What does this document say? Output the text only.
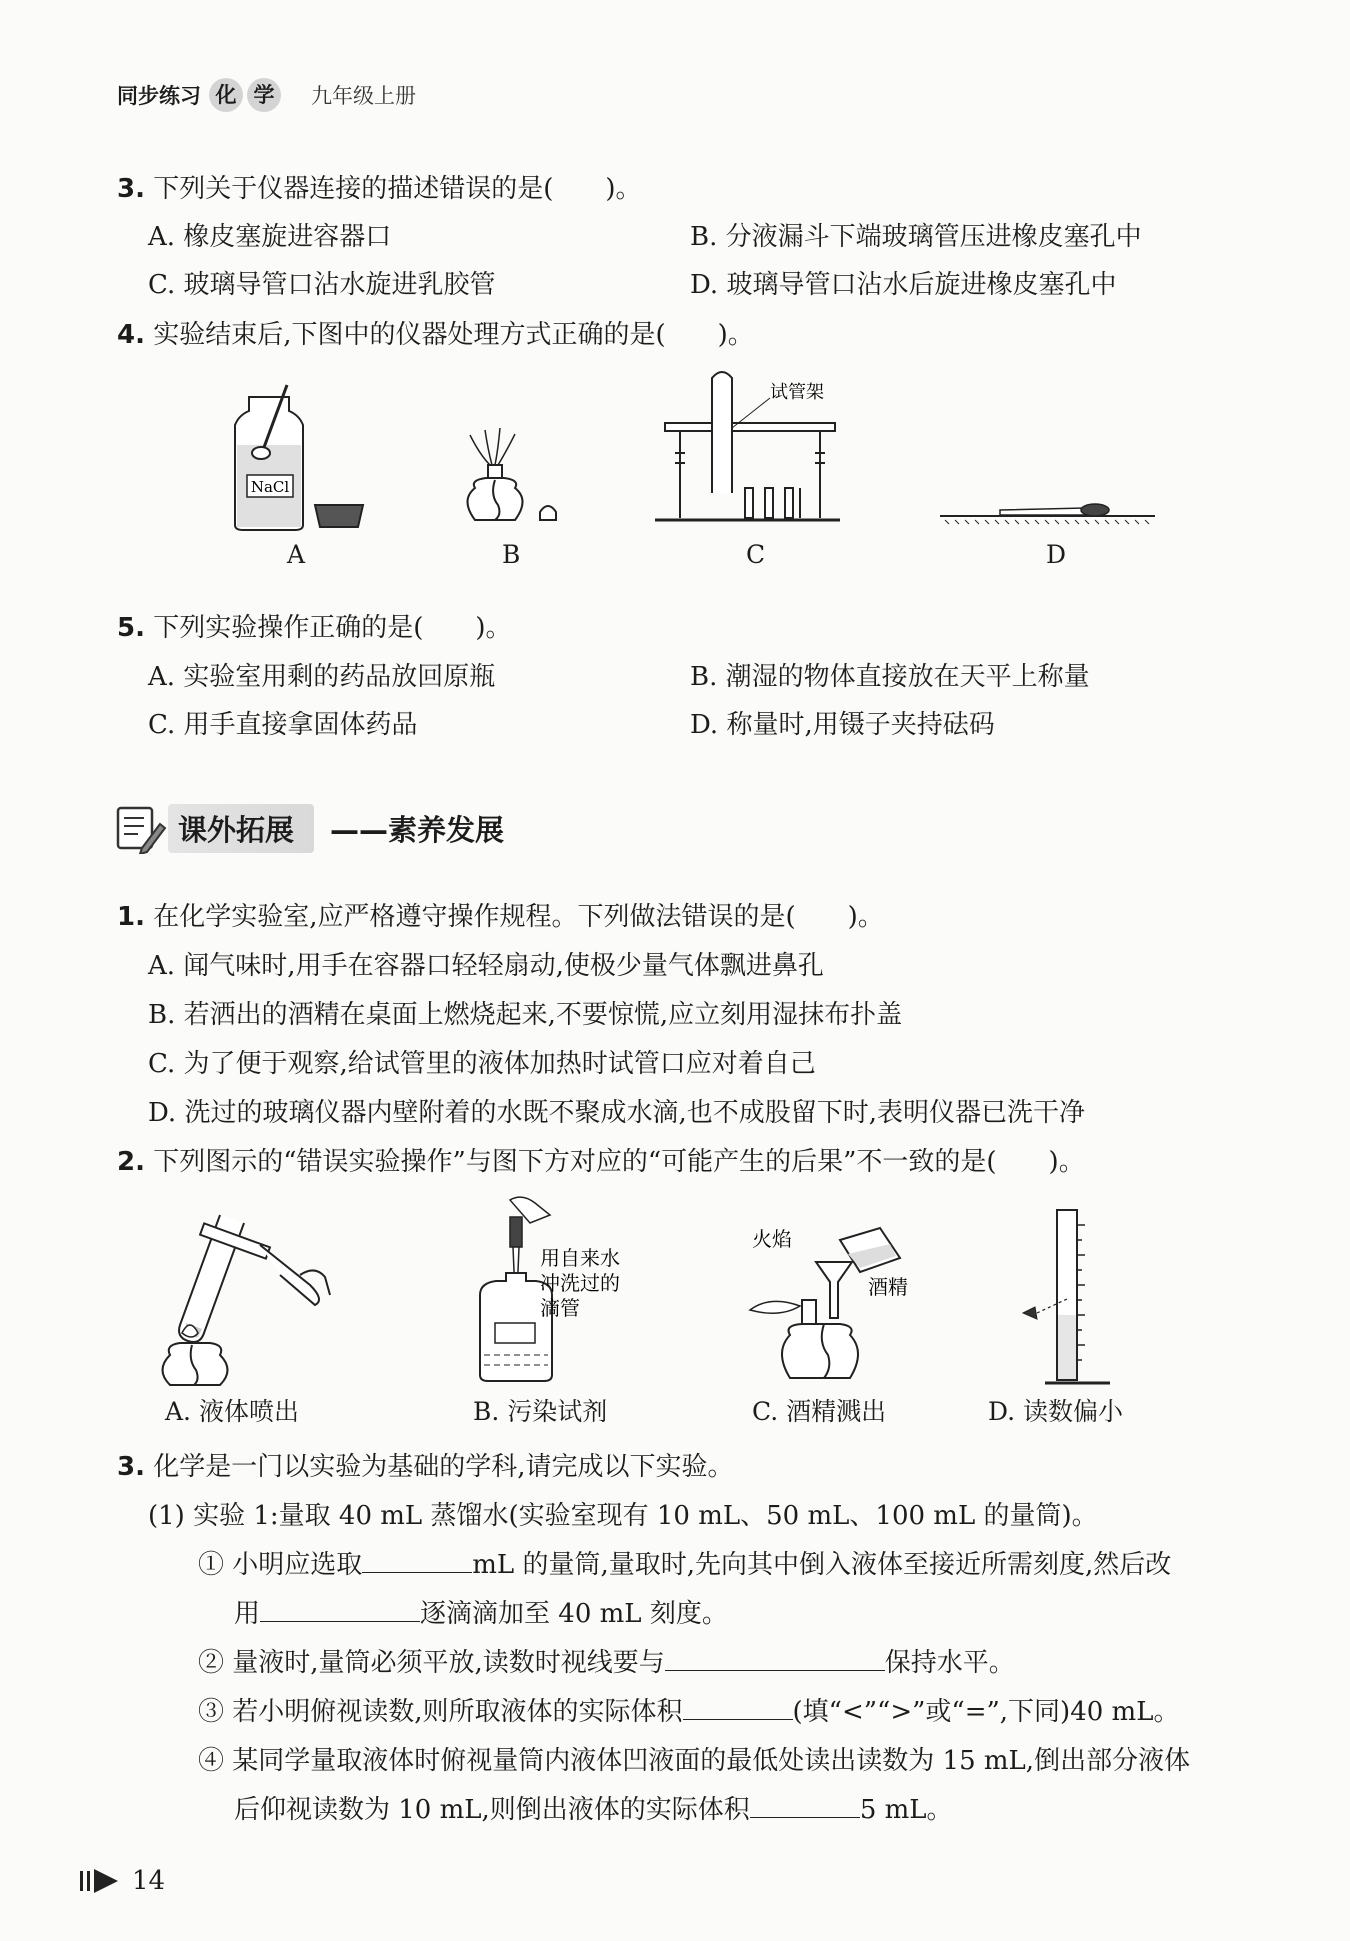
同步练习 化 学	九年级上册
3. 下列关于仪器连接的描述错误的是(　　)。
A. 橡皮塞旋进容器口	B. 分液漏斗下端玻璃管压进橡皮塞孔中
C. 玻璃导管口沾水旋进乳胶管	D. 玻璃导管口沾水后旋进橡皮塞孔中
4. 实验结束后,下图中的仪器处理方式正确的是(　　)。
NaCl
试管架
A	B	C	D
5. 下列实验操作正确的是(　　)。
A. 实验室用剩的药品放回原瓶	B. 潮湿的物体直接放在天平上称量
C. 用手直接拿固体药品	D. 称量时,用镊子夹持砝码
课外拓展	——素养发展
1. 在化学实验室,应严格遵守操作规程。下列做法错误的是(　　)。
A. 闻气味时,用手在容器口轻轻扇动,使极少量气体飘进鼻孔
B. 若洒出的酒精在桌面上燃烧起来,不要惊慌,应立刻用湿抹布扑盖
C. 为了便于观察,给试管里的液体加热时试管口应对着自己
D. 洗过的玻璃仪器内壁附着的水既不聚成水滴,也不成股留下时,表明仪器已洗干净
2. 下列图示的“错误实验操作”与图下方对应的“可能产生的后果”不一致的是(　　)。
用自来水
冲洗过的
滴管
火焰
酒精
A. 液体喷出	B. 污染试剂	C. 酒精溅出	D. 读数偏小
3. 化学是一门以实验为基础的学科,请完成以下实验。
(1) 实验 1:量取 40 mL 蒸馏水(实验室现有 10 mL、50 mL、100 mL 的量筒)。
① 小明应选取	mL 的量筒,量取时,先向其中倒入液体至接近所需刻度,然后改
用	逐滴滴加至 40 mL 刻度。
② 量液时,量筒必须平放,读数时视线要与	保持水平。
③ 若小明俯视读数,则所取液体的实际体积	(填“<”“>”或“=”,下同)40 mL。
④ 某同学量取液体时俯视量筒内液体凹液面的最低处读出读数为 15 mL,倒出部分液体
后仰视读数为 10 mL,则倒出液体的实际体积	5 mL。
14
